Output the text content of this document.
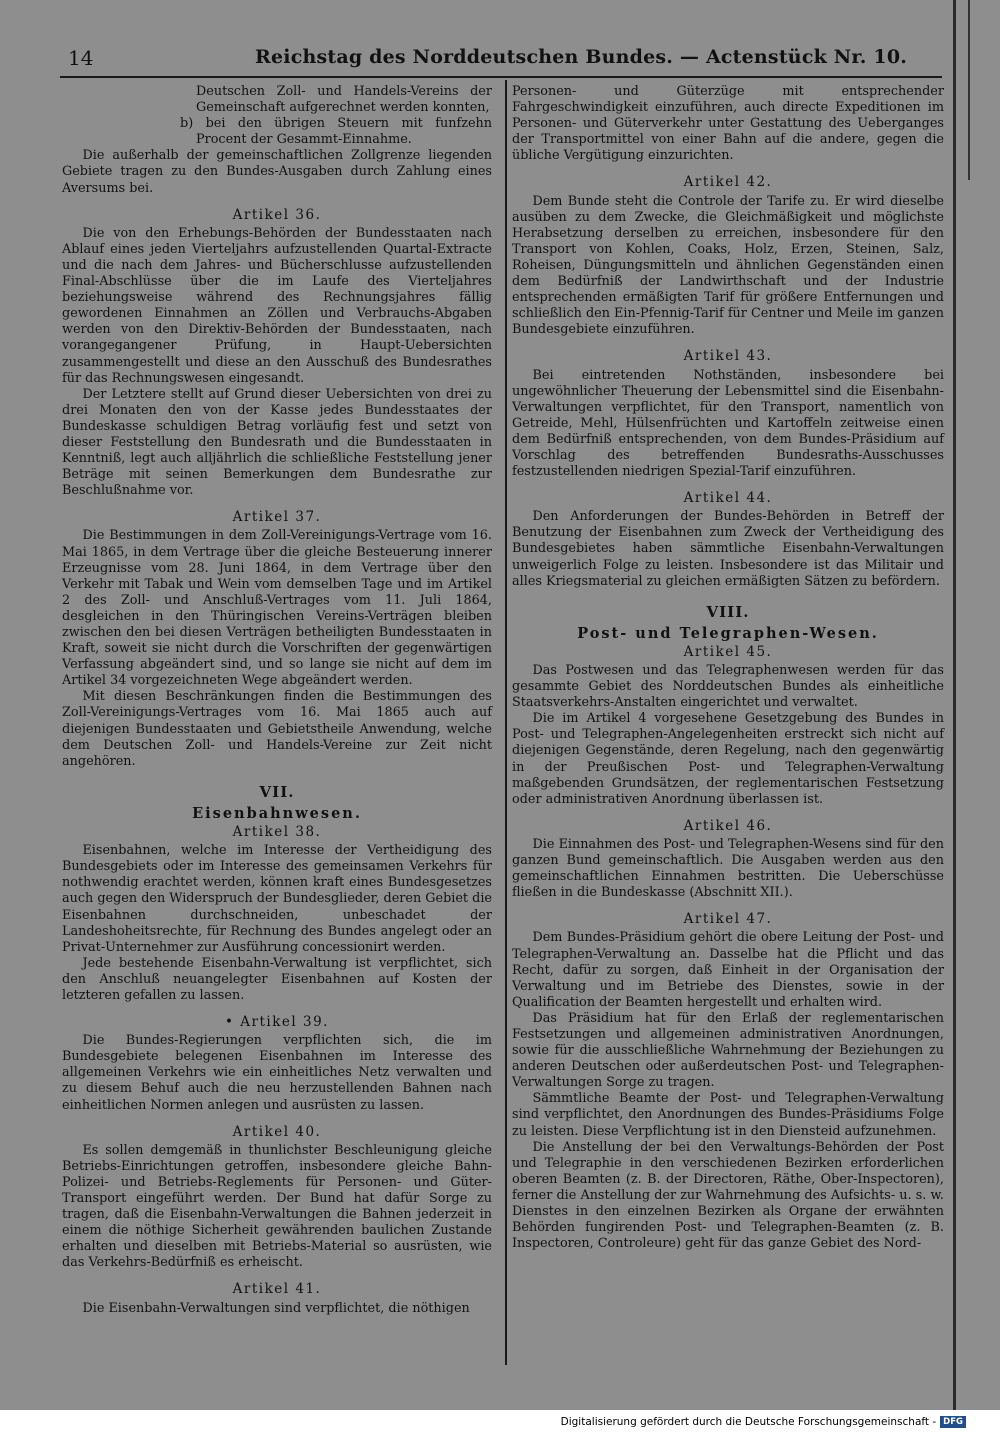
14	Reichstag des Norddeutschen Bundes. — Actenstück Nr. 10.

Deutschen Zoll- und Handels-Vereins der Gemeinschaft aufgerechnet werden konnten,

b) bei den übrigen Steuern mit funfzehn Procent der Gesammt-Einnahme.

Die außerhalb der gemeinschaftlichen Zollgrenze liegenden Gebiete tragen zu den Bundes-Ausgaben durch Zahlung eines Aversums bei.

Artikel 36.

Die von den Erhebungs-Behörden der Bundesstaaten nach Ablauf eines jeden Vierteljahrs aufzustellenden Quartal-Extracte und die nach dem Jahres- und Bücherschlusse aufzustellenden Final-Abschlüsse über die im Laufe des Vierteljahres beziehungsweise während des Rechnungsjahres fällig gewordenen Einnahmen an Zöllen und Verbrauchs-Abgaben werden von den Direktiv-Behörden der Bundesstaaten, nach vorangegangener Prüfung, in Haupt-Uebersichten zusammengestellt und diese an den Ausschuß des Bundesrathes für das Rechnungswesen eingesandt.

Der Letztere stellt auf Grund dieser Uebersichten von drei zu drei Monaten den von der Kasse jedes Bundesstaates der Bundeskasse schuldigen Betrag vorläufig fest und setzt von dieser Feststellung den Bundesrath und die Bundesstaaten in Kenntniß, legt auch alljährlich die schließliche Feststellung jener Beträge mit seinen Bemerkungen dem Bundesrathe zur Beschlußnahme vor.

Artikel 37.

Die Bestimmungen in dem Zoll-Vereinigungs-Vertrage vom 16. Mai 1865, in dem Vertrage über die gleiche Besteuerung innerer Erzeugnisse vom 28. Juni 1864, in dem Vertrage über den Verkehr mit Tabak und Wein vom demselben Tage und im Artikel 2 des Zoll- und Anschluß-Vertrages vom 11. Juli 1864, desgleichen in den Thüringischen Vereins-Verträgen bleiben zwischen den bei diesen Verträgen betheiligten Bundesstaaten in Kraft, soweit sie nicht durch die Vorschriften der gegenwärtigen Verfassung abgeändert sind, und so lange sie nicht auf dem im Artikel 34 vorgezeichneten Wege abgeändert werden.

Mit diesen Beschränkungen finden die Bestimmungen des Zoll-Vereinigungs-Vertrages vom 16. Mai 1865 auch auf diejenigen Bundesstaaten und Gebietstheile Anwendung, welche dem Deutschen Zoll- und Handels-Vereine zur Zeit nicht angehören.

VII.
Eisenbahnwesen.
Artikel 38.

Eisenbahnen, welche im Interesse der Vertheidigung des Bundesgebiets oder im Interesse des gemeinsamen Verkehrs für nothwendig erachtet werden, können kraft eines Bundesgesetzes auch gegen den Widerspruch der Bundesglieder, deren Gebiet die Eisenbahnen durchschneiden, unbeschadet der Landeshoheitsrechte, für Rechnung des Bundes angelegt oder an Privat-Unternehmer zur Ausführung concessionirt werden.

Jede bestehende Eisenbahn-Verwaltung ist verpflichtet, sich den Anschluß neuangelegter Eisenbahnen auf Kosten der letzteren gefallen zu lassen.

• Artikel 39.

Die Bundes-Regierungen verpflichten sich, die im Bundesgebiete belegenen Eisenbahnen im Interesse des allgemeinen Verkehrs wie ein einheitliches Netz verwalten und zu diesem Behuf auch die neu herzustellenden Bahnen nach einheitlichen Normen anlegen und ausrüsten zu lassen.

Artikel 40.

Es sollen demgemäß in thunlichster Beschleunigung gleiche Betriebs-Einrichtungen getroffen, insbesondere gleiche Bahn-Polizei- und Betriebs-Reglements für Personen- und Güter-Transport eingeführt werden. Der Bund hat dafür Sorge zu tragen, daß die Eisenbahn-Verwaltungen die Bahnen jederzeit in einem die nöthige Sicherheit gewährenden baulichen Zustande erhalten und dieselben mit Betriebs-Material so ausrüsten, wie das Verkehrs-Bedürfniß es erheischt.

Artikel 41.

Die Eisenbahn-Verwaltungen sind verpflichtet, die nöthigen

Personen- und Güterzüge mit entsprechender Fahrgeschwindigkeit einzuführen, auch directe Expeditionen im Personen- und Güterverkehr unter Gestattung des Ueberganges der Transportmittel von einer Bahn auf die andere, gegen die übliche Vergütigung einzurichten.

Artikel 42.

Dem Bunde steht die Controle der Tarife zu. Er wird dieselbe ausüben zu dem Zwecke, die Gleichmäßigkeit und möglichste Herabsetzung derselben zu erreichen, insbesondere für den Transport von Kohlen, Coaks, Holz, Erzen, Steinen, Salz, Roheisen, Düngungsmitteln und ähnlichen Gegenständen einen dem Bedürfniß der Landwirthschaft und der Industrie entsprechenden ermäßigten Tarif für größere Entfernungen und schließlich den Ein-Pfennig-Tarif für Centner und Meile im ganzen Bundesgebiete einzuführen.

Artikel 43.

Bei eintretenden Nothständen, insbesondere bei ungewöhnlicher Theuerung der Lebensmittel sind die Eisenbahn-Verwaltungen verpflichtet, für den Transport, namentlich von Getreide, Mehl, Hülsenfrüchten und Kartoffeln zeitweise einen dem Bedürfniß entsprechenden, von dem Bundes-Präsidium auf Vorschlag des betreffenden Bundesraths-Ausschusses festzustellenden niedrigen Spezial-Tarif einzuführen.

Artikel 44.

Den Anforderungen der Bundes-Behörden in Betreff der Benutzung der Eisenbahnen zum Zweck der Vertheidigung des Bundesgebietes haben sämmtliche Eisenbahn-Verwaltungen unweigerlich Folge zu leisten. Insbesondere ist das Militair und alles Kriegsmaterial zu gleichen ermäßigten Sätzen zu befördern.

VIII.
Post- und Telegraphen-Wesen.
Artikel 45.

Das Postwesen und das Telegraphenwesen werden für das gesammte Gebiet des Norddeutschen Bundes als einheitliche Staatsverkehrs-Anstalten eingerichtet und verwaltet.

Die im Artikel 4 vorgesehene Gesetzgebung des Bundes in Post- und Telegraphen-Angelegenheiten erstreckt sich nicht auf diejenigen Gegenstände, deren Regelung, nach den gegenwärtig in der Preußischen Post- und Telegraphen-Verwaltung maßgebenden Grundsätzen, der reglementarischen Festsetzung oder administrativen Anordnung überlassen ist.

Artikel 46.

Die Einnahmen des Post- und Telegraphen-Wesens sind für den ganzen Bund gemeinschaftlich. Die Ausgaben werden aus den gemeinschaftlichen Einnahmen bestritten. Die Ueberschüsse fließen in die Bundeskasse (Abschnitt XII.).

Artikel 47.

Dem Bundes-Präsidium gehört die obere Leitung der Post- und Telegraphen-Verwaltung an. Dasselbe hat die Pflicht und das Recht, dafür zu sorgen, daß Einheit in der Organisation der Verwaltung und im Betriebe des Dienstes, sowie in der Qualification der Beamten hergestellt und erhalten wird.

Das Präsidium hat für den Erlaß der reglementarischen Festsetzungen und allgemeinen administrativen Anordnungen, sowie für die ausschließliche Wahrnehmung der Beziehungen zu anderen Deutschen oder außerdeutschen Post- und Telegraphen-Verwaltungen Sorge zu tragen.

Sämmtliche Beamte der Post- und Telegraphen-Verwaltung sind verpflichtet, den Anordnungen des Bundes-Präsidiums Folge zu leisten. Diese Verpflichtung ist in den Diensteid aufzunehmen.

Die Anstellung der bei den Verwaltungs-Behörden der Post und Telegraphie in den verschiedenen Bezirken erforderlichen oberen Beamten (z. B. der Directoren, Räthe, Ober-Inspectoren), ferner die Anstellung der zur Wahrnehmung des Aufsichts- u. s. w. Dienstes in den einzelnen Bezirken als Organe der erwähnten Behörden fungirenden Post- und Telegraphen-Beamten (z. B. Inspectoren, Controleure) geht für das ganze Gebiet des Nord-

Digitalisierung gefördert durch die Deutsche Forschungsgemeinschaft - DFG
